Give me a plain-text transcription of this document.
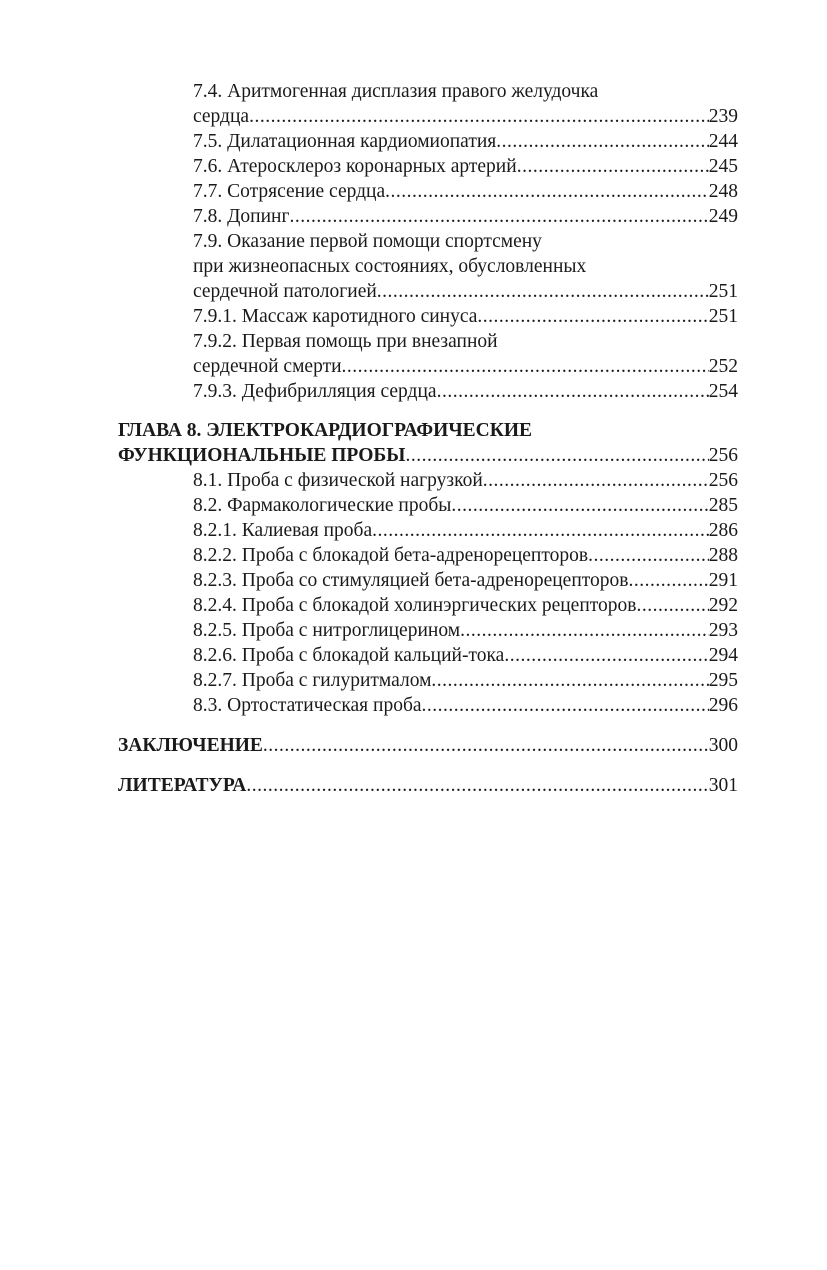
7.4. Аритмогенная дисплазия правого желудочка
сердца .....	239
7.5. Дилатационная кардиомиопатия .....	244
7.6. Атеросклероз коронарных артерий .....	245
7.7. Сотрясение сердца .....	248
7.8. Допинг .....	249
7.9. Оказание первой помощи спортсмену
при жизнеопасных состояниях, обусловленных
сердечной патологией .....	251
7.9.1. Массаж каротидного синуса .....	251
7.9.2. Первая помощь при внезапной
сердечной смерти .....	252
7.9.3. Дефибрилляция сердца .....	254
ГЛАВА 8. ЭЛЕКТРОКАРДИОГРАФИЧЕСКИЕ
ФУНКЦИОНАЛЬНЫЕ ПРОБЫ .....	256
8.1. Проба с физической нагрузкой .....	256
8.2. Фармакологические пробы .....	285
8.2.1. Калиевая проба .....	286
8.2.2. Проба с блокадой бета-адренорецепторов .....	288
8.2.3. Проба со стимуляцией бета-адренорецепторов .....	291
8.2.4. Проба с блокадой холинэргических рецепторов .....	292
8.2.5. Проба с нитроглицерином .....	293
8.2.6. Проба с блокадой кальций-тока .....	294
8.2.7. Проба с гилуритмалом .....	295
8.3. Ортостатическая проба .....	296
ЗАКЛЮЧЕНИЕ .....	300
ЛИТЕРАТУРА .....	301
